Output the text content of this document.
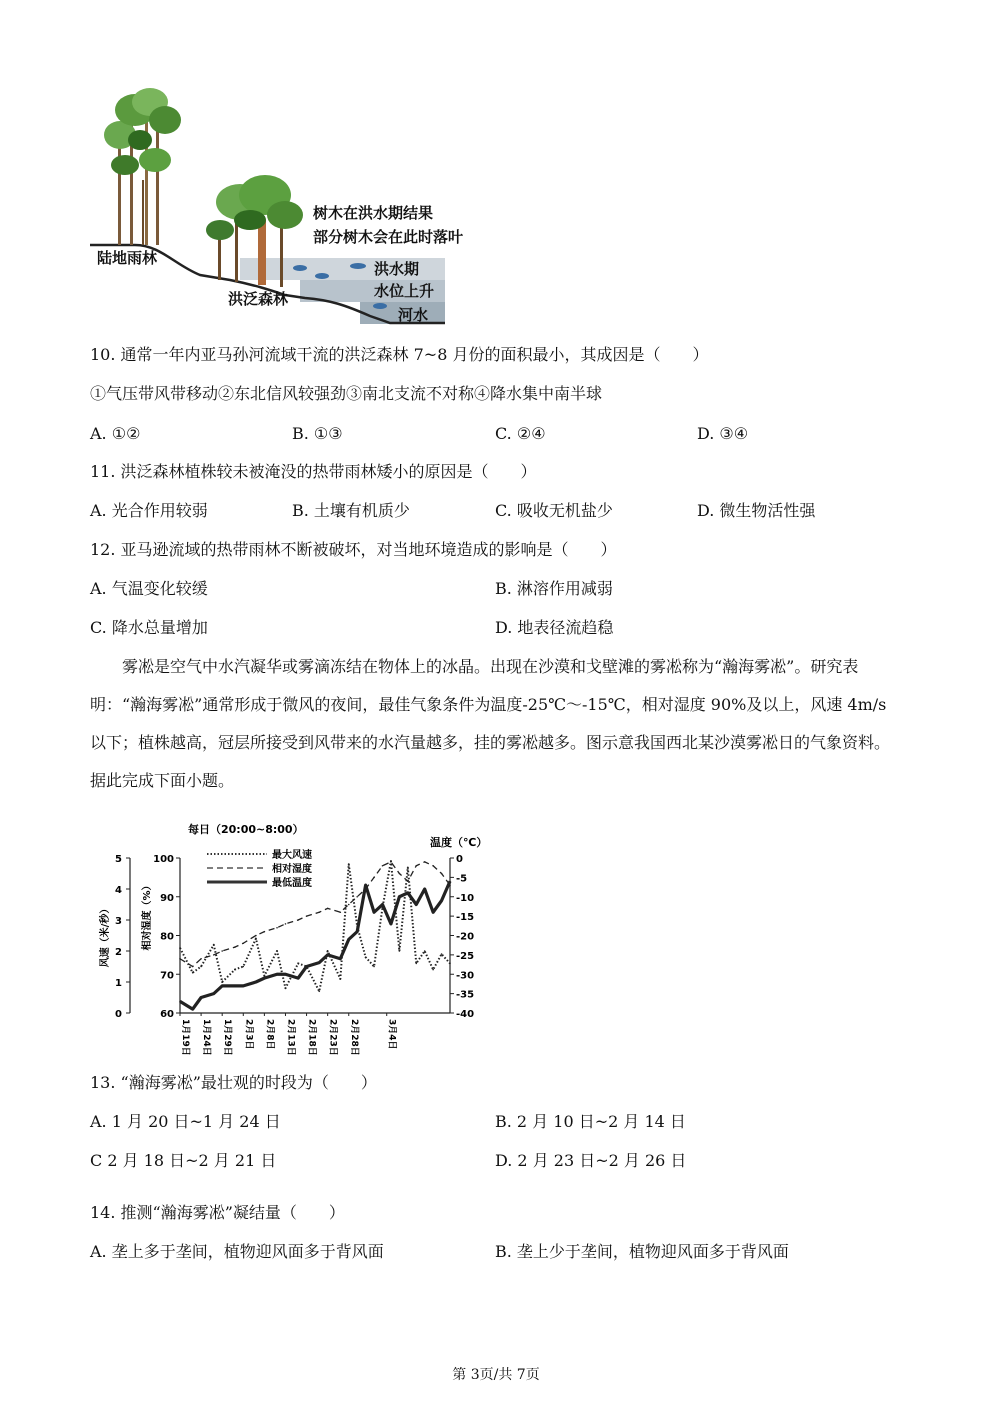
陆地雨林
洪泛森林
树木在洪水期结果
部分树木会在此时落叶
洪水期
水位上升
河水
10. 通常一年内亚马孙河流域干流的洪泛森林 7~8 月份的面积最小，其成因是（　　）
①气压带风带移动②东北信风较强劲③南北支流不对称④降水集中南半球
A. ①②	B. ①③	C. ②④	D. ③④
11. 洪泛森林植株较未被淹没的热带雨林矮小的原因是（　　）
A. 光合作用较弱	B. 土壤有机质少	C. 吸收无机盐少	D. 微生物活性强
12. 亚马逊流域的热带雨林不断被破坏，对当地环境造成的影响是（　　）
A. 气温变化较缓	B. 淋溶作用减弱
C. 降水总量增加	D. 地表径流趋稳
雾凇是空气中水汽凝华或雾滴冻结在物体上的冰晶。出现在沙漠和戈壁滩的雾凇称为“瀚海雾凇”。研究表明：“瀚海雾凇”通常形成于微风的夜间，最佳气象条件为温度-25℃～-15℃，相对湿度 90%及以上，风速 4m/s 以下；植株越高，冠层所接受到风带来的水汽量越多，挂的雾凇越多。图示意我国西北某沙漠雾凇日的气象资料。据此完成下面小题。
每日（20:00~8:00）
风速（米/秒）	相对湿度（%）
温度（℃）
0
1
2
3
4
5
60
70
80
90
100	0
-5
-10
-15
-20
-25
-30
-35
-40
1月19日 1月24日 1月29日 2月3日 2月8日 2月13日 2月18日 2月23日 2月28日	3月4日
最大风速
相对湿度
最低温度
13. “瀚海雾凇”最壮观的时段为（　　）
A. 1 月 20 日~1 月 24 日	B. 2 月 10 日~2 月 14 日
C 2 月 18 日~2 月 21 日	D. 2 月 23 日~2 月 26 日
14. 推测“瀚海雾凇”凝结量（　　）
A. 垄上多于垄间，植物迎风面多于背风面	B. 垄上少于垄间，植物迎风面多于背风面
第 3页/共 7页
